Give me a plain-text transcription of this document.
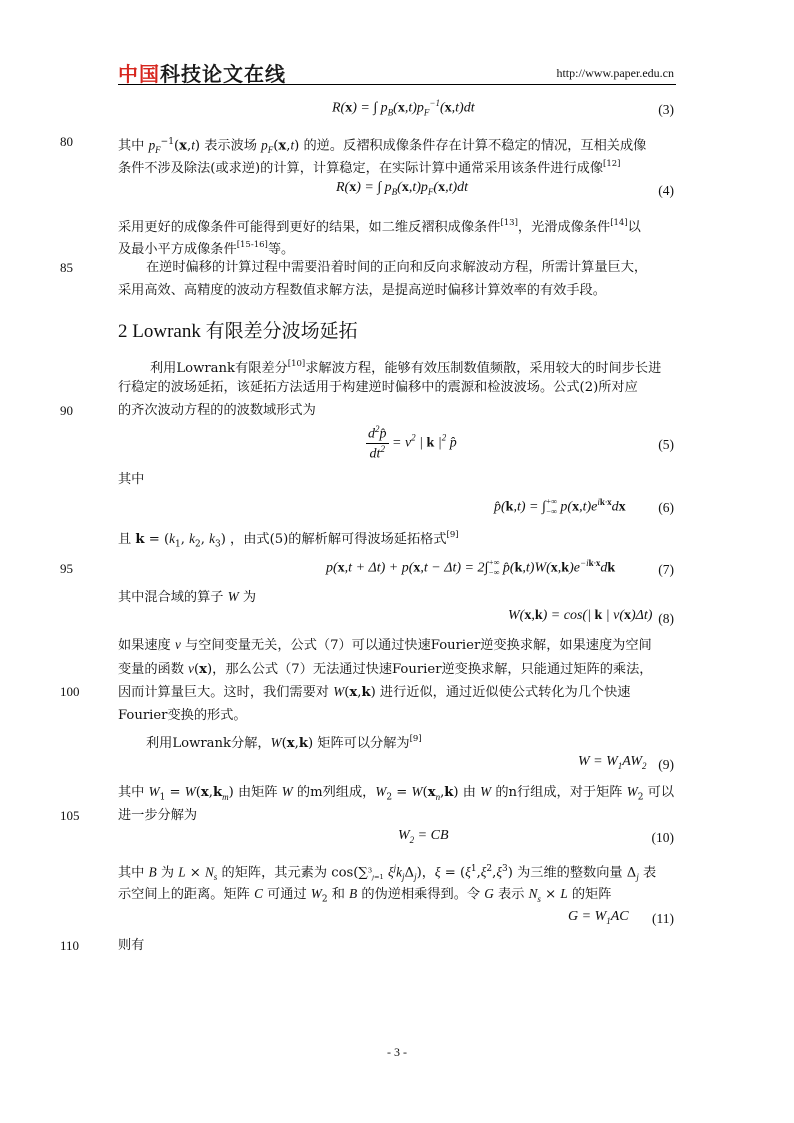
中国科技论文在线	http://www.paper.edu.cn
80
85
90
95
100
105
110
R(x) = ∫ $p_B(x,t)p_F^{-1}(x,t)dt$	(3)
其中 $p_F^{-1}(x,t)$ 表示波场 $p_F(x,t)$ 的逆。反褶积成像条件存在计算不稳定的情况，互相关成像
条件不涉及除法(或求逆)的计算，计算稳定，在实际计算中通常采用该条件进行成像[12]
R(x) = ∫ $p_B(x,t)p_F(x,t)dt$	(4)
采用更好的成像条件可能得到更好的结果，如二维反褶积成像条件[13]，光滑成像条件[14]以
及最小平方成像条件[15-16]等。
在逆时偏移的计算过程中需要沿着时间的正向和反向求解波动方程，所需计算量巨大，
采用高效、高精度的波动方程数值求解方法，是提高逆时偏移计算效率的有效手段。
2 Lowrank 有限差分波场延拓
利用Lowrank有限差分[10]求解波方程，能够有效压制数值频散，采用较大的时间步长进
行稳定的波场延拓，该延拓方法适用于构建逆时偏移中的震源和检波波场。公式(2)所对应
的齐次波动方程的的波数域形式为
$\frac{d^2p̂}{dt^2} = v^2$ | k $|^2$ p̂	(5)
其中
p̂(k,t) = ∫ +∞
−∞ $p(x,t)e^{ik\cdot x}dx$ (6)
且 $k = (k_1$, $k_2$, $k_3$) ，由式(5)的解析解可得波场延拓格式[9]
p(x,t + Δt) + p(x,t − Δt) = 2∫ +∞
−∞ $p̂(k,t)W(x,k)e^{-ik\cdot x}dk$	(7)
其中混合域的算子 W 为
W(x,k) = cos(| k | v(x)Δt) (8)
如果速度 v 与空间变量无关，公式（7）可以通过快速Fourier逆变换求解，如果速度为空间
变量的函数 v(x)，那么公式（7）无法通过快速Fourier逆变换求解，只能通过矩阵的乘法，
因而计算量巨大。这时，我们需要对 W(x,k) 进行近似，通过近似使公式转化为几个快速
Fourier变换的形式。
利用Lowrank分解，W(x,k) 矩阵可以分解为[9]
$W = W_1AW_2$ (9)
其中 $W_1 = W(x,k_m)$ 由矩阵 W 的m列组成，$W_2 = W(x_n,k)$ 由 W 的n行组成，对于矩阵 $W_2$ 可以
进一步分解为
$W_2$ = CB	(10)
其中 B 为 $L \times N_s$ 的矩阵，其元素为 cos(∑$^3_{j=1}$ $\xi^jk_j\Delta_j$)，$\xi = (\xi^1,\xi^2,\xi^3)$ 为三维的整数向量 $\Delta_j$ 表
示空间上的距离。矩阵 C 可通过 $W_2$ 和 B 的伪逆相乘得到。令 G 表示 $N_s \times L$ 的矩阵
$G = W_1AC$ (11)
则有
- 3 -
